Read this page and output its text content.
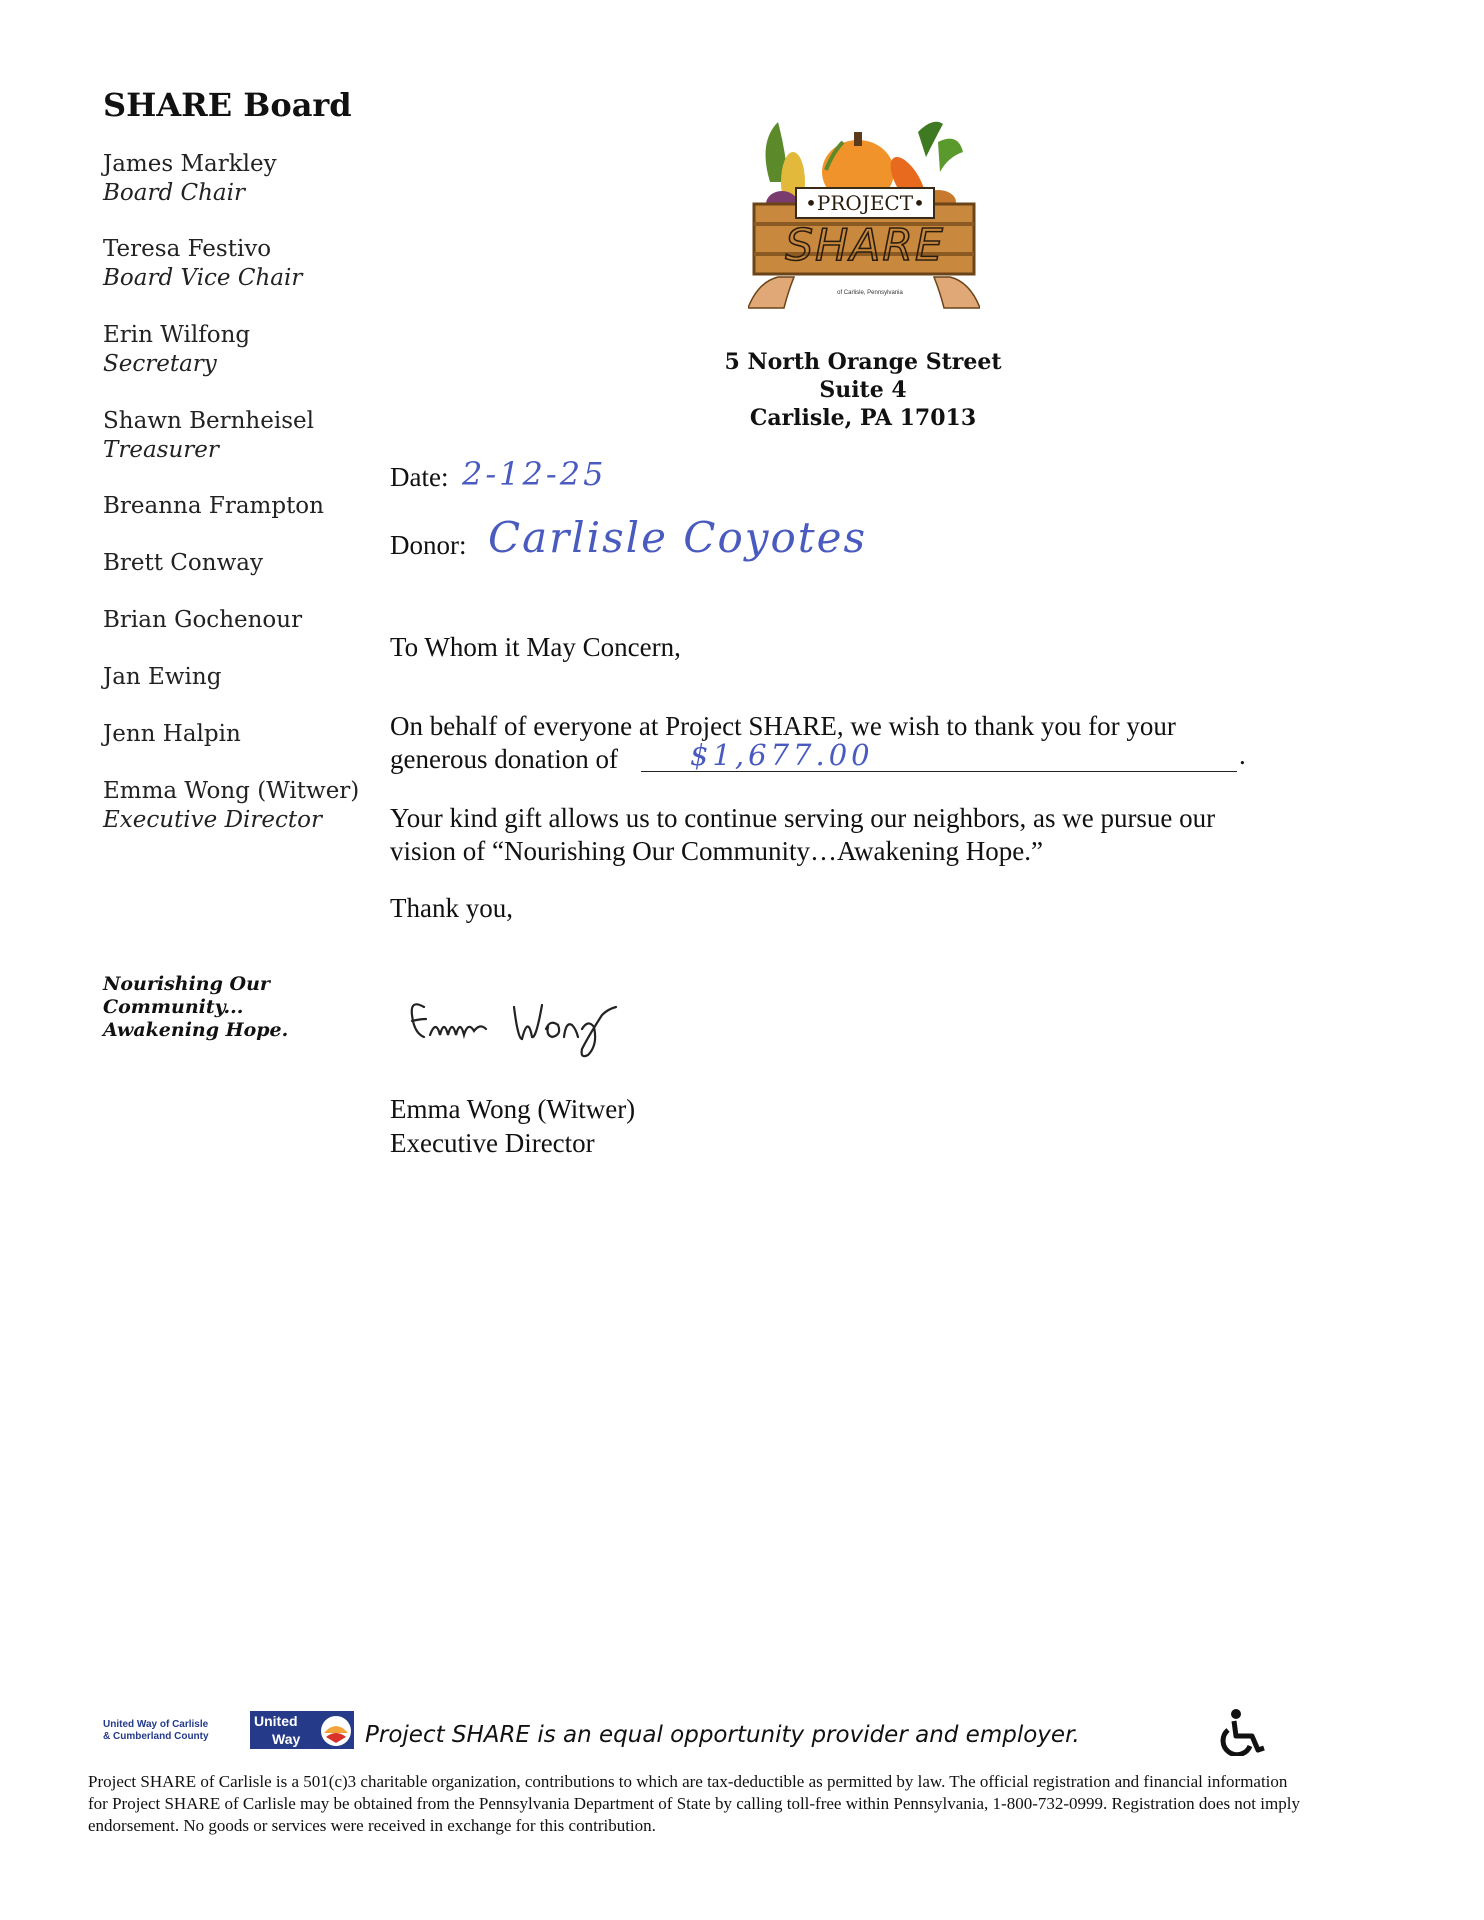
SHARE Board
James Markley
Board Chair
Teresa Festivo
Board Vice Chair
Erin Wilfong
Secretary
Shawn Bernheisel
Treasurer
Breanna Frampton
Brett Conway
Brian Gochenour
Jan Ewing
Jenn Halpin
Emma Wong (Witwer)
Executive Director
Nourishing Our
Community...
Awakening Hope.
•PROJECT•
SHARE
of Carlisle, Pennsylvania
5 North Orange Street
Suite 4
Carlisle, PA 17013
Date: 2-12-25
Donor: Carlisle Coyotes
To Whom it May Concern,
On behalf of everyone at Project SHARE, we wish to thank you for your
generous donation of $1,677.00	.
Your kind gift allows us to continue serving our neighbors, as we pursue our
vision of “Nourishing Our Community…Awakening Hope.”
Thank you,
Emma Wong
Emma Wong (Witwer)
Executive Director
United Way of Carlisle
& Cumberland County
United
Way	Project SHARE is an equal opportunity provider and employer.
Project SHARE of Carlisle is a 501(c)3 charitable organization, contributions to which are tax-deductible as permitted by law. The official registration and financial information for Project SHARE of Carlisle may be obtained from the Pennsylvania Department of State by calling toll-free within Pennsylvania, 1-800-732-0999. Registration does not imply endorsement. No goods or services were received in exchange for this contribution.
